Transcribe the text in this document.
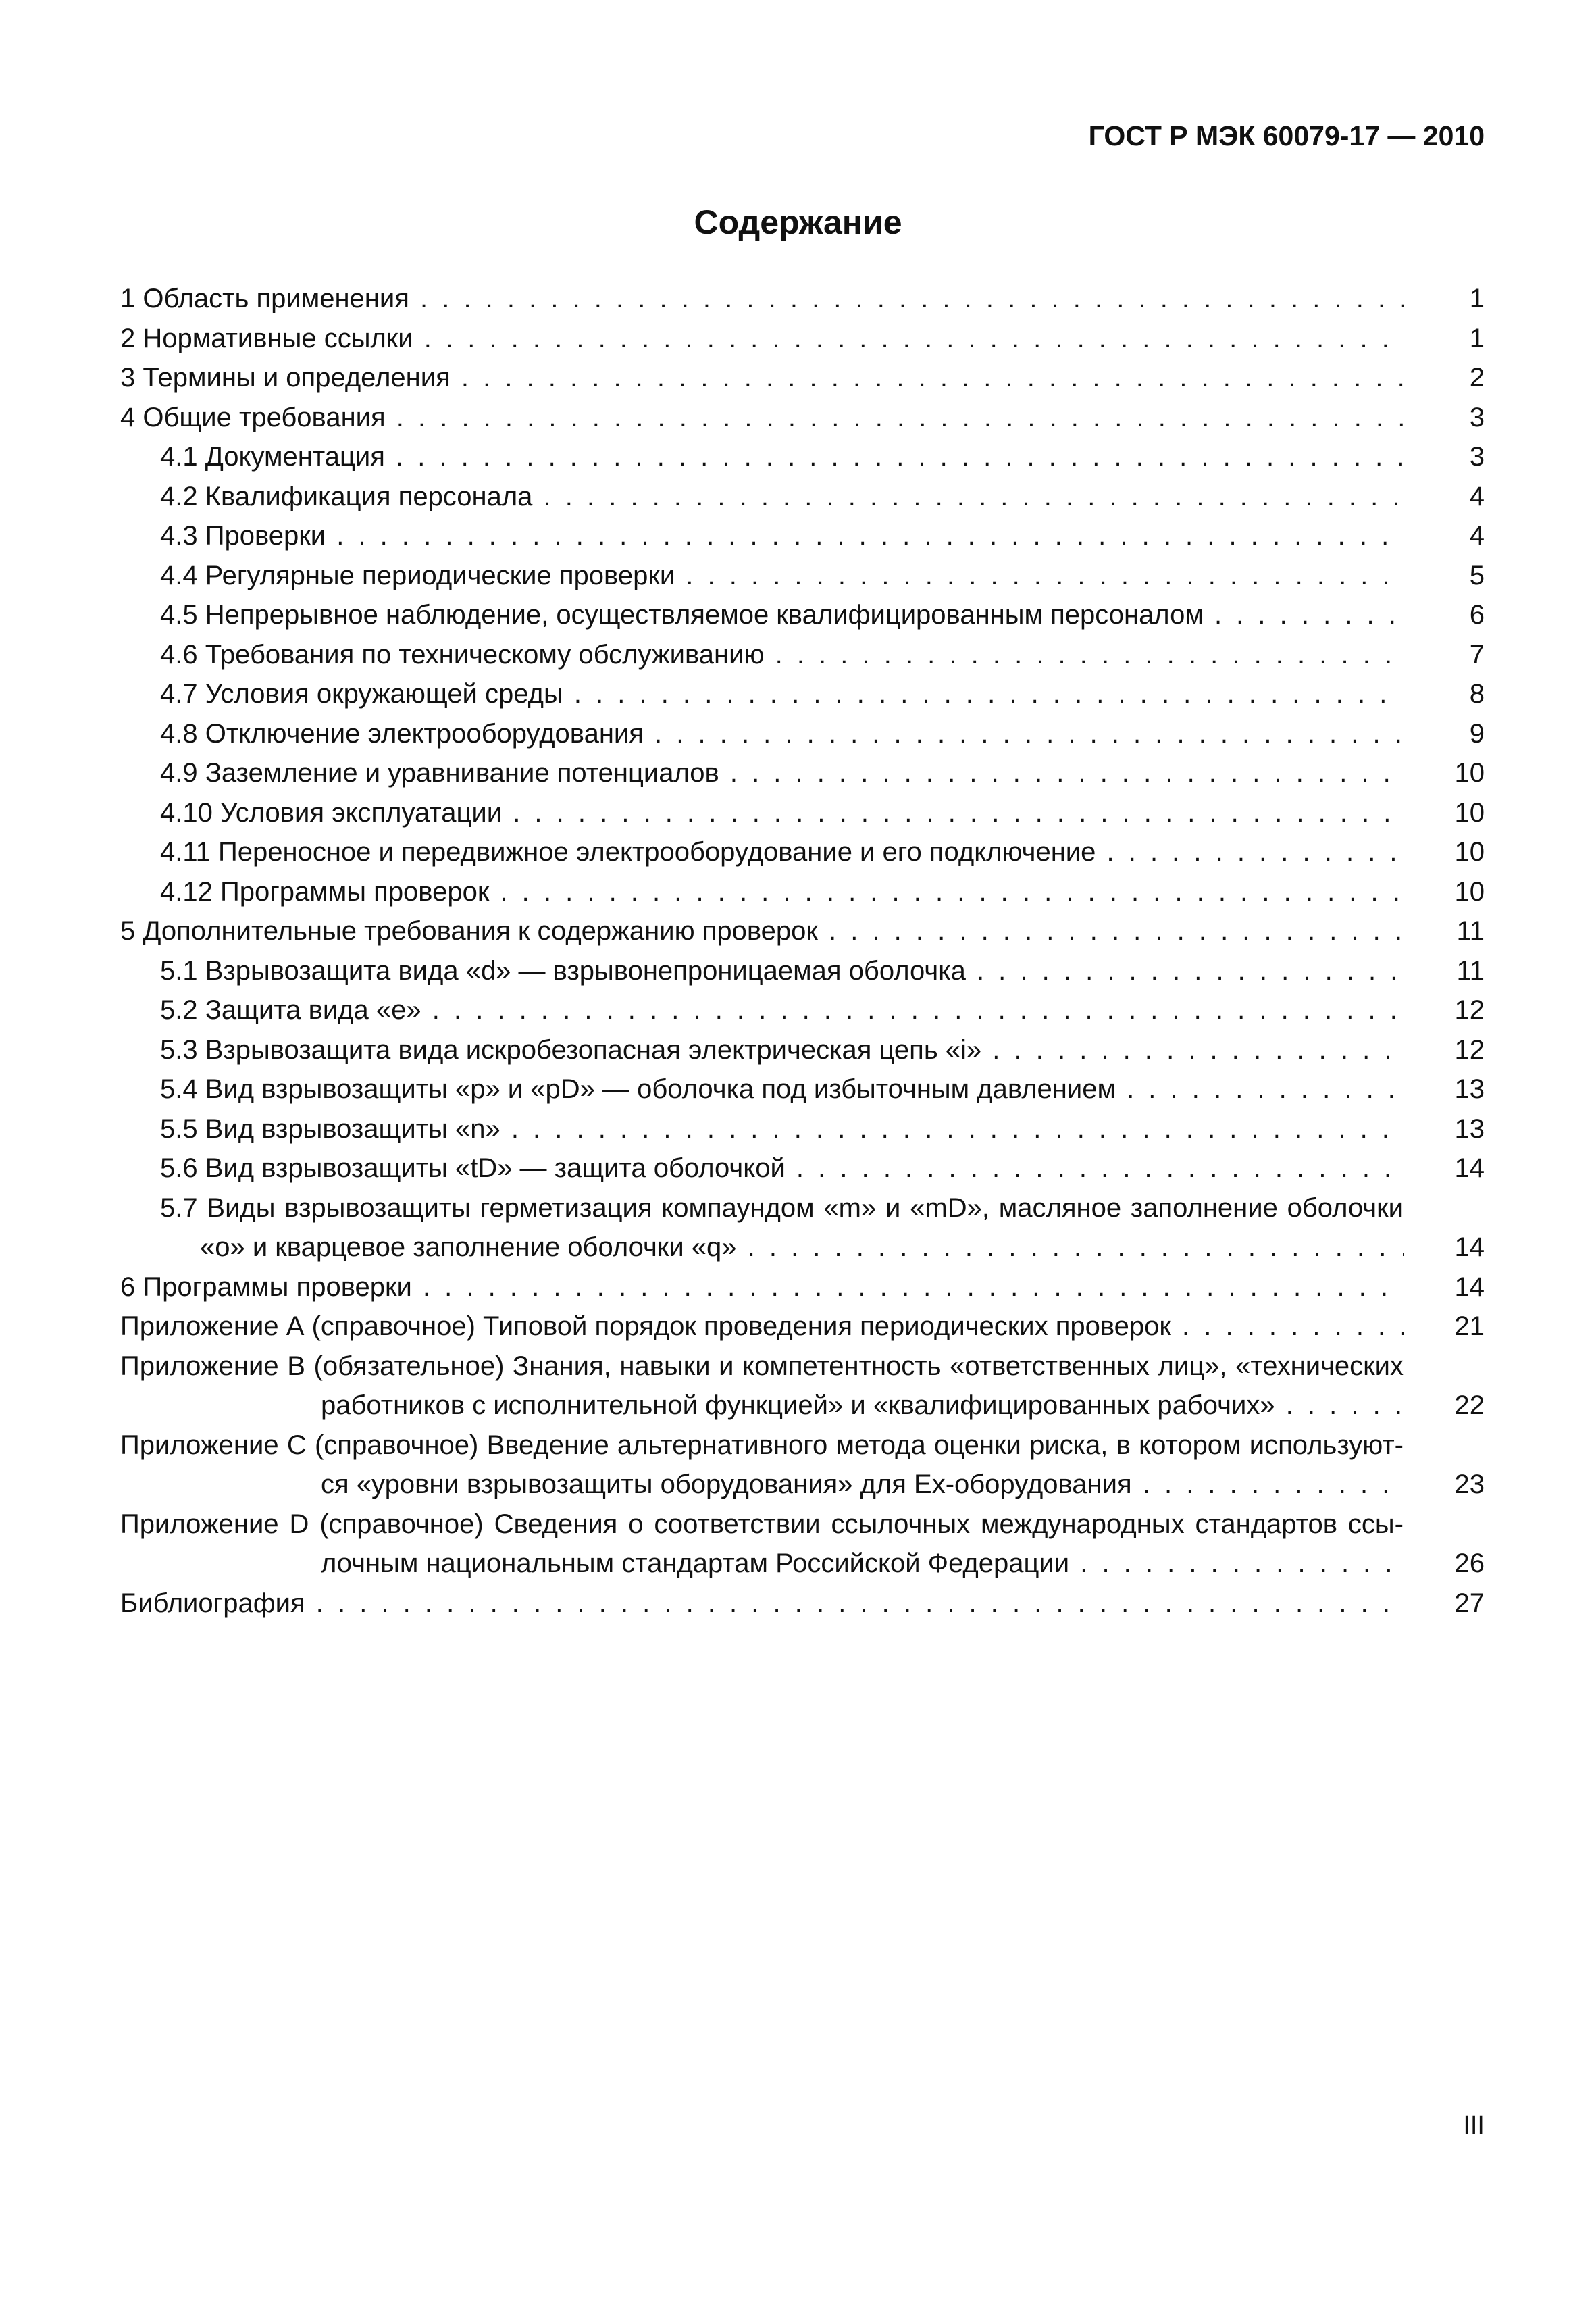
ГОСТ Р МЭК 60079-17 — 2010
Содержание
1 Область применения . . .	1
2 Нормативные ссылки . . .	1
3 Термины и определения . . .	2
4 Общие требования . . .	3
4.1 Документация . . .	3
4.2 Квалификация персонала . . .	4
4.3 Проверки . . .	4
4.4 Регулярные периодические проверки . . .	5
4.5 Непрерывное наблюдение, осуществляемое квалифицированным персоналом . . .	6
4.6 Требования по техническому обслуживанию . . .	7
4.7 Условия окружающей среды . . .	8
4.8 Отключение электрооборудования . . .	9
4.9 Заземление и уравнивание потенциалов . . .	10
4.10 Условия эксплуатации . . .	10
4.11 Переносное и передвижное электрооборудование и его подключение . . .	10
4.12 Программы проверок . . .	10
5 Дополнительные требования к содержанию проверок . . .	11
5.1 Взрывозащита вида «d» — взрывонепроницаемая оболочка . . .	11
5.2 Защита вида «е» . . .	12
5.3 Взрывозащита вида искробезопасная электрическая цепь «i» . . .	12
5.4 Вид взрывозащиты «р» и «pD» — оболочка под избыточным давлением . . .	13
5.5 Вид взрывозащиты «n» . . .	13
5.6 Вид взрывозащиты «tD» — защита оболочкой . . .	14
5.7 Виды взрывозащиты герметизация компаундом «m» и «mD», масляное заполнение оболочки
«о» и кварцевое заполнение оболочки «q» . . .	14
6 Программы проверки . . .	14
Приложение А (справочное) Типовой порядок проведения периодических проверок . . .	21
Приложение В (обязательное) Знания, навыки и компетентность «ответственных лиц», «технических
работников с исполнительной функцией» и «квалифицированных рабочих» . . .	22
Приложение С (справочное) Введение альтернативного метода оценки риска, в котором используют-
ся «уровни взрывозащиты оборудования» для Ех-оборудования . . .	23
Приложение D (справочное) Сведения о соответствии ссылочных международных стандартов ссы-
лочным национальным стандартам Российской Федерации . . .	26
Библиография . . .	27
III
